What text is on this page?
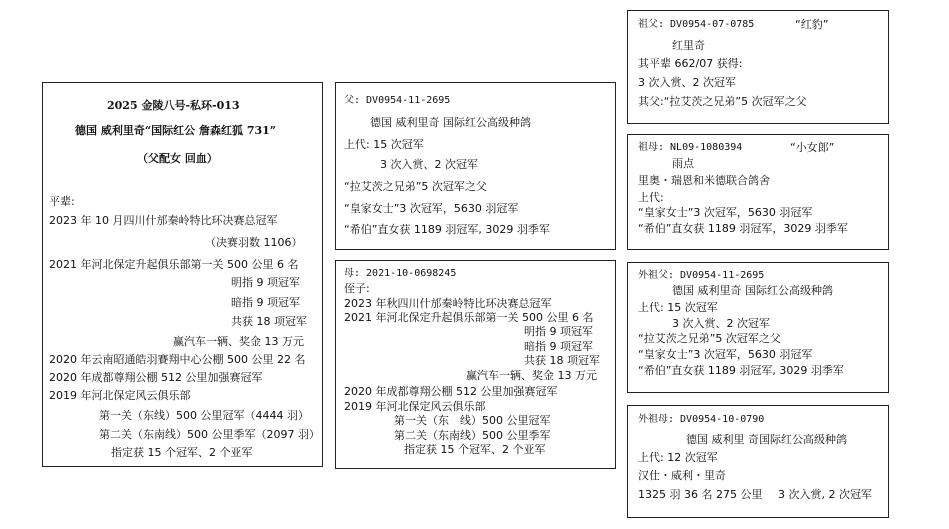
2025 金陵八号-私环-013
德国 威利里奇“国际红公 詹森红狐 731”
（父配女 回血）
平辈:
2023 年 10 月四川什邡秦岭特比环决赛总冠军
（决赛羽数 1106）
2021 年河北保定升起俱乐部第一关 500 公里 6 名
明指 9 项冠军
暗指 9 项冠军
共获 18 项冠军
赢汽车一辆、奖金 13 万元
2020 年云南昭通皓羽賽翔中心公棚 500 公里 22 名
2020 年成都尊翔公棚 512 公里加强赛冠军
2019 年河北保定风云俱乐部
第一关（东线）500 公里冠军（4444 羽）
第二关（东南线）500 公里季军（2097 羽）
指定获 15 个冠军、2 个亚军
父: DV0954-11-2695
德国 威利里奇 国际红公高级种鸽
上代: 15 次冠军
3 次入赏、2 次冠军
“拉艾茨之兄弟”5 次冠军之父
“皇家女士”3 次冠军，5630 羽冠军
“希伯”直女获 1189 羽冠军, 3029 羽季军
母: 2021-10-0698245
侄子:
2023 年秋四川什邡秦岭特比环决赛总冠军
2021 年河北保定升起俱乐部第一关 500 公里 6 名
明指 9 项冠军
暗指 9 项冠军
共获 18 项冠军
赢汽车一辆、奖金 13 万元
2020 年成都尊翔公棚 512 公里加强赛冠军
2019 年河北保定风云俱乐部
第一关（东　线）500 公里冠军
第二关（东南线）500 公里季军
指定获 15 个冠军、2 个亚军
祖父: DV0954-07-0785	“红豹”
红里奇
其平辈 662/07 获得:
3 次入赏、2 次冠军
其父:“拉艾茨之兄弟”5 次冠军之父
祖母: NL09-1080394	“小女郎”
雨点
里奥・瑞恩和米德联合鸽舍
上代:
“皇家女士”3 次冠军，5630 羽冠军
“希伯”直女获 1189 羽冠军，3029 羽季军
外祖父: DV0954-11-2695
德国 威利里奇 国际红公高级种鸽
上代: 15 次冠军
3 次入赏、2 次冠军
“拉艾茨之兄弟”5 次冠军之父
“皇家女士”3 次冠军，5630 羽冠军
“希伯”直女获 1189 羽冠军, 3029 羽季军
外祖母: DV0954-10-0790
德国 威利里 奇国际红公高级种鸽
上代: 12 次冠军
汉仕・威利・里奇
1325 羽 36 名 275 公里 3 次入赏, 2 次冠军
